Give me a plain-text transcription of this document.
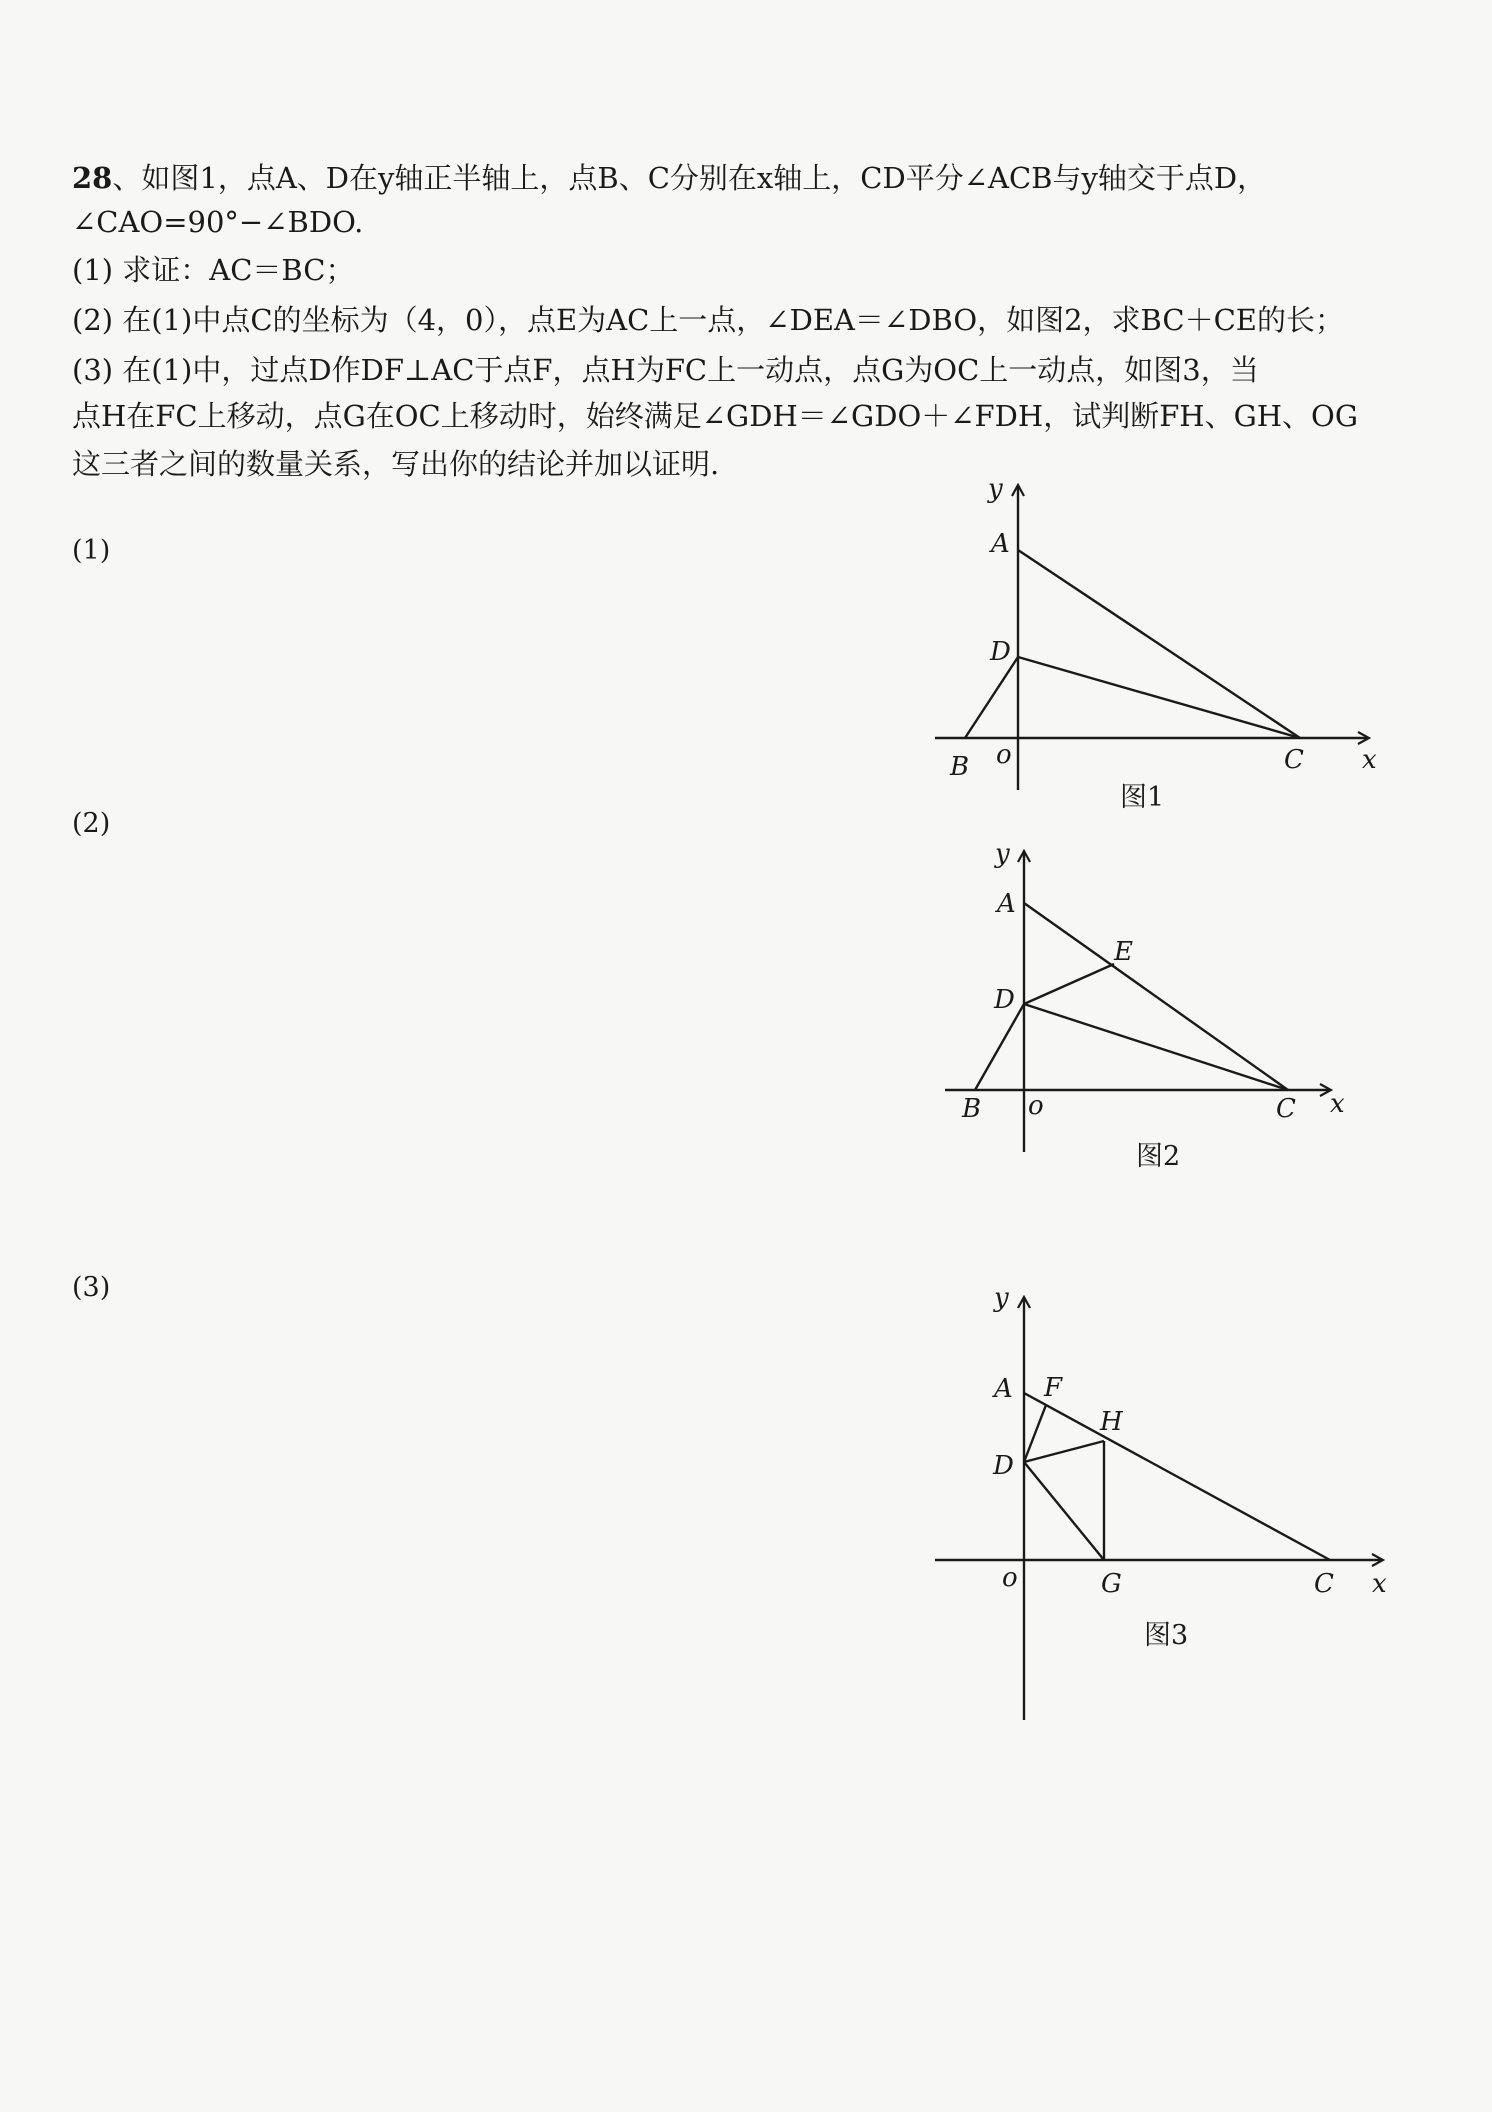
28、如图1，点A、D在y轴正半轴上，点B、C分别在x轴上，CD平分∠ACB与y轴交于点D，
∠CAO=90°−∠BDO.
(1) 求证：AC＝BC；
(2) 在(1)中点C的坐标为（4，0），点E为AC上一点，∠DEA＝∠DBO，如图2，求BC＋CE的长；
(3) 在(1)中，过点D作DF⊥AC于点F，点H为FC上一动点，点G为OC上一动点，如图3，当
点H在FC上移动，点G在OC上移动时，始终满足∠GDH＝∠GDO＋∠FDH，试判断FH、GH、OG
这三者之间的数量关系，写出你的结论并加以证明.
(1)
(2)
(3)
y
A
D
B o	C x
图1
y
A
E
D
B o	C x
图2
y
A F
H
D
o	G	C x
图3
